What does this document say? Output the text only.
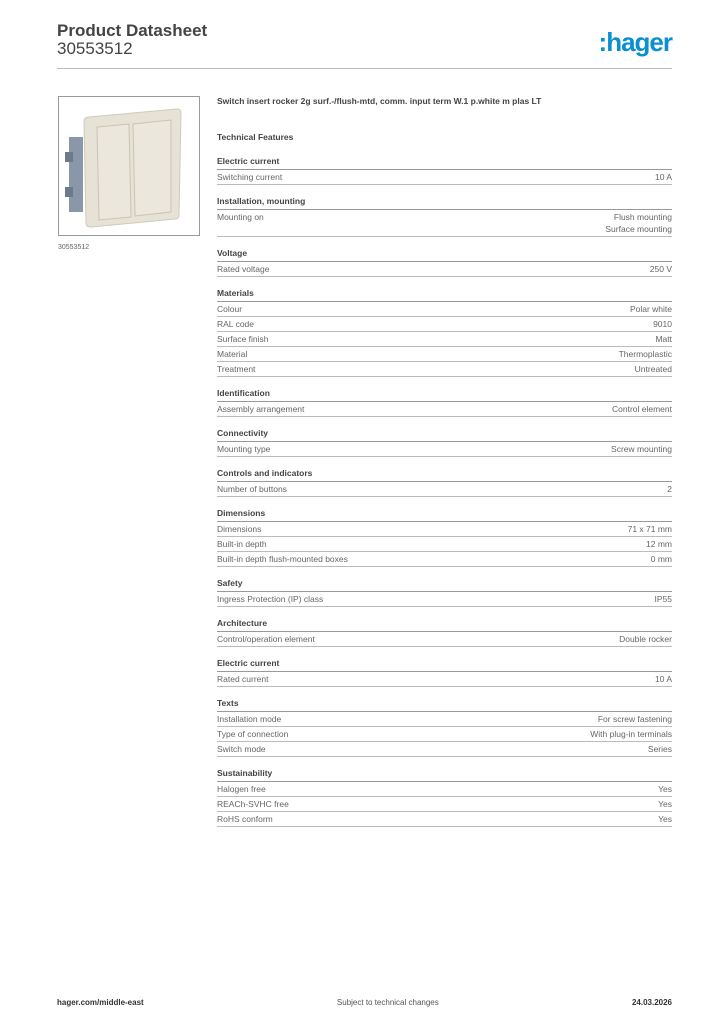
Product Datasheet
30553512	:hager
30553512
Switch insert rocker 2g surf.-/flush-mtd, comm. input term W.1 p.white m plas LT
Technical Features
Electric current
Switching current	10 A
Installation, mounting
Mounting on	Flush mounting
Surface mounting
Voltage
Rated voltage	250 V
Materials
Colour	Polar white
RAL code	9010
Surface finish	Matt
Material	Thermoplastic
Treatment	Untreated
Identification
Assembly arrangement	Control element
Connectivity
Mounting type	Screw mounting
Controls and indicators
Number of buttons	2
Dimensions
Dimensions	71 x 71 mm
Built-in depth	12 mm
Built-in depth flush-mounted boxes	0 mm
Safety
Ingress Protection (IP) class	IP55
Architecture
Control/operation element	Double rocker
Electric current
Rated current	10 A
Texts
Installation mode	For screw fastening
Type of connection	With plug-in terminals
Switch mode	Series
Sustainability
Halogen free	Yes
REACh-SVHC free	Yes
RoHS conform	Yes
hager.com/middle-east	Subject to technical changes	24.03.2026
